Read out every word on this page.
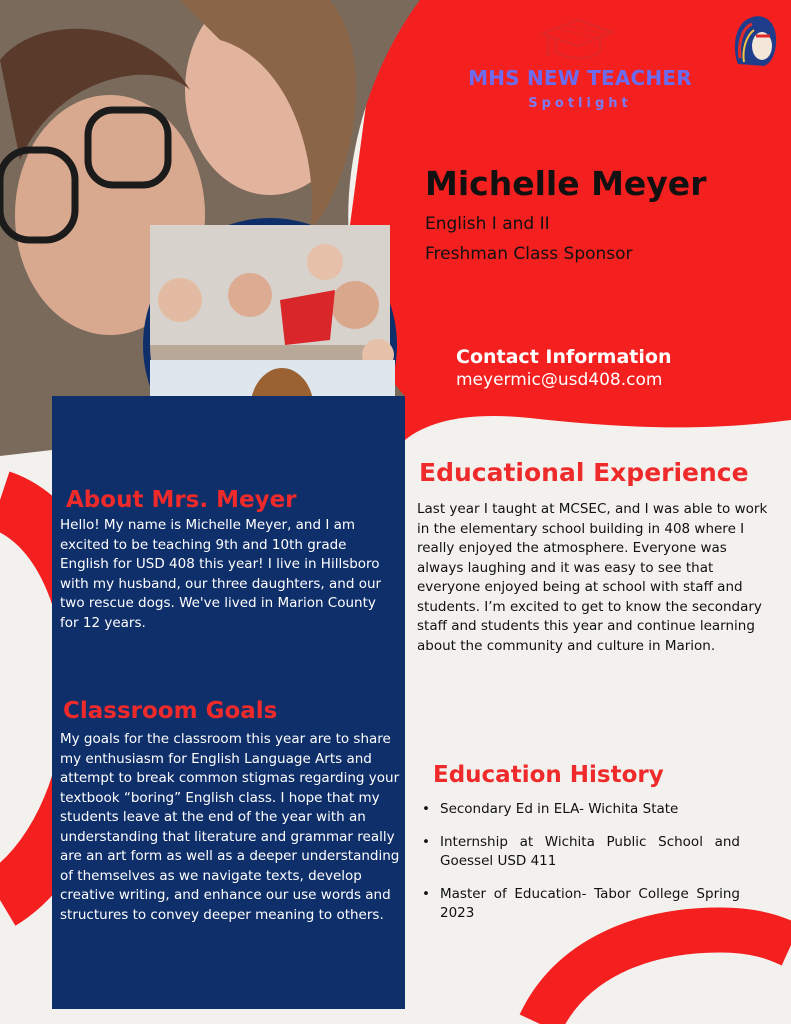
MHS NEW TEACHER
Spotlight
Michelle Meyer
English I and II
Freshman Class Sponsor
Contact Information
meyermic@usd408.com
About Mrs. Meyer
Hello! My name is Michelle Meyer, and I am excited to be teaching 9th and 10th grade English for USD 408 this year! I live in Hillsboro with my husband, our three daughters, and our two rescue dogs. We've lived in Marion County for 12 years.
Classroom Goals
My goals for the classroom this year are to share my enthusiasm for English Language Arts and attempt to break common stigmas regarding your textbook “boring” English class. I hope that my students leave at the end of the year with an understanding that literature and grammar really are an art form as well as a deeper understanding of themselves as we navigate texts, develop creative writing, and enhance our use words and structures to convey deeper meaning to others.
Educational Experience
Last year I taught at MCSEC, and I was able to work in the elementary school building in 408 where I really enjoyed the atmosphere. Everyone was always laughing and it was easy to see that everyone enjoyed being at school with staff and students. I’m excited to get to know the secondary staff and students this year and continue learning about the community and culture in Marion.
Education History
• Secondary Ed in ELA- Wichita State
• Internship at Wichita Public School and Goessel USD 411
• Master of Education- Tabor College Spring 2023
